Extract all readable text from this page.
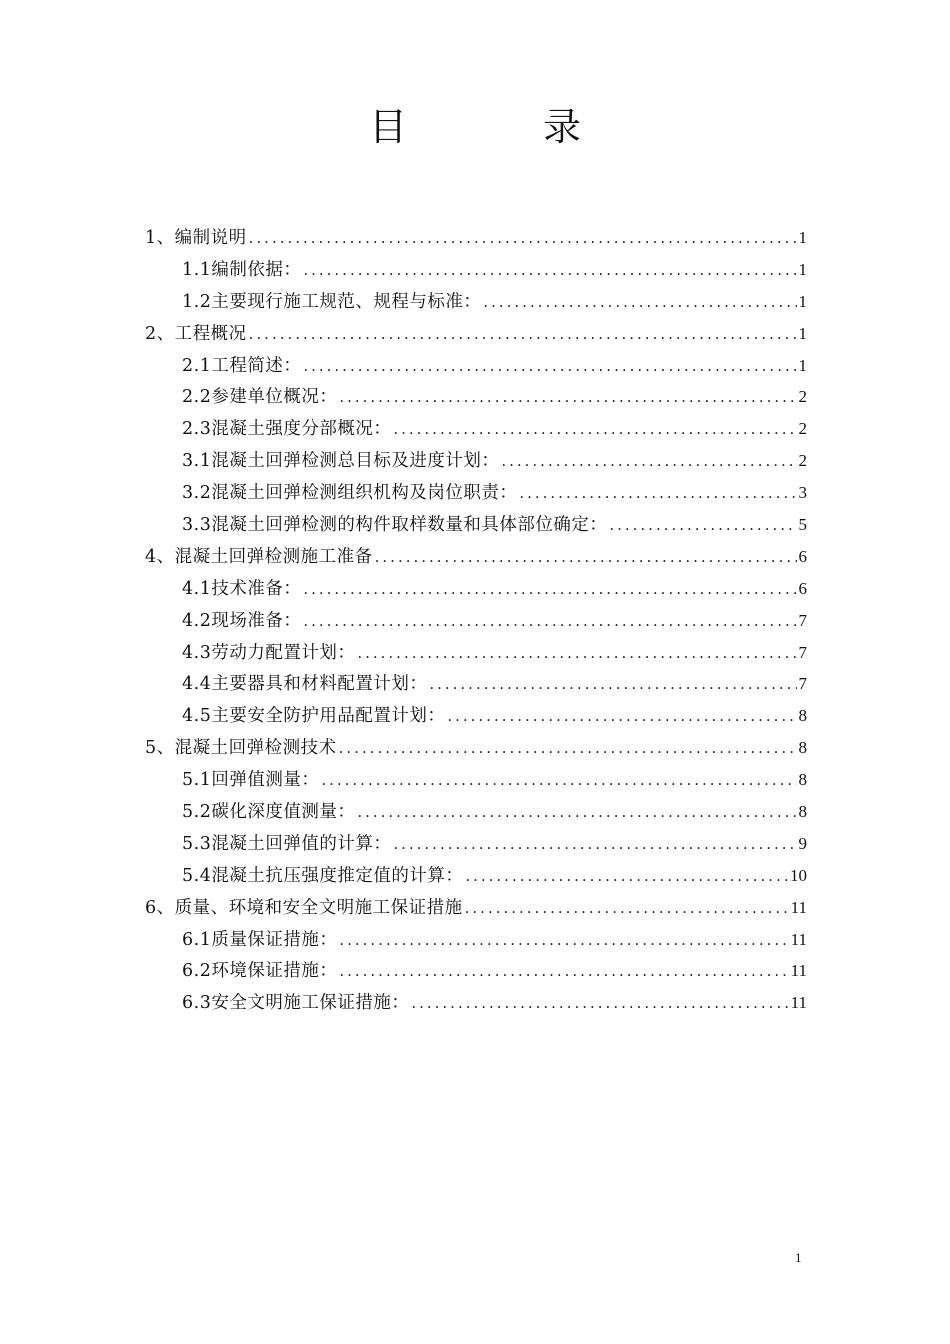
目 录
1、编制说明 .....	1
1.1编制依据： .....	1
1.2主要现行施工规范、规程与标准： .....	1
2、工程概况 .....	1
2.1工程简述： .....	1
2.2参建单位概况： .....	2
2.3混凝土强度分部概况： .....	2
3.1混凝土回弹检测总目标及进度计划： .....	2
3.2混凝土回弹检测组织机构及岗位职责： .....	3
3.3混凝土回弹检测的构件取样数量和具体部位确定： .....	5
4、混凝土回弹检测施工准备 .....	6
4.1技术准备： .....	6
4.2现场准备： .....	7
4.3劳动力配置计划： .....	7
4.4主要器具和材料配置计划： .....	7
4.5主要安全防护用品配置计划： .....	8
5、混凝土回弹检测技术 .....	8
5.1回弹值测量： .....	8
5.2碳化深度值测量： .....	8
5.3混凝土回弹值的计算： .....	9
5.4混凝土抗压强度推定值的计算： .....	10
6、质量、环境和安全文明施工保证措施 .....	11
6.1质量保证措施： .....	11
6.2环境保证措施： .....	11
6.3安全文明施工保证措施： .....	11
1
